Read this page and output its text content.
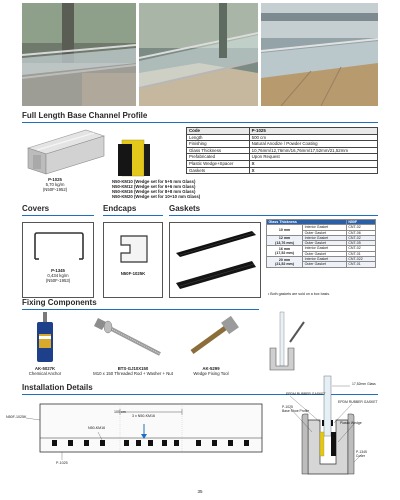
Full Length Base Channel Profile
P-1025
5,70 kg/m
(N50F-1952)
N50-KM10 (Wedge set for 5+5 mm Glass)
N50-KM12 (Wedge set for 6+6 mm Glass)
N50-KM16 (Wedge set for 8+8 mm Glass)
N50-KM20 (Wedge set for 10+10 mm Glass)
Code	P-1025
Length	500 cm
Finishing	Natural Anodize / Powder Coating
Glass Thickness	10,76mm/12,76mm/16,76mm/17,52mm/21,52mm
Prefabricated	Upon Request
Plastic Wedge+Spacer	X
Gaskets	X
Covers	Endcaps	Gaskets
P-1345
0,434 kg/m
(N50F-1953)
N50F-1025K
Glass Thickness		N50F
10 mm	Interior Gasket	CNT-02
	Outer Gasket	CNT-06
12 mm
(13,76 mm)	Interior Gasket	CNT-02
	Outer Gasket	CNT-05
16 mm
(17,52 mm)	Interior Gasket	CNT-02
	Outer Gasket	CNT-01
20 mm
(21,52 mm)	Interior Gasket	CNT-022
	Outer Gasket	CNT-01
• Both gaskets are sold on a box basis.
Fixing Components
AK-5027K
Chemical Anchor
BTS-GJ10X150
M10 x 150 Threaded Rod + Washer + Nut
AK-5299
Wedge Fixing Tool
Installation Details
100 cm
N50-KM16
3 x N50-KM16
N50F-1025K
P-1025
17,52mm Glass
EPDM RUBBER GASKET
EPDM RUBBER GASKET
P-1025
Base Shoe Profile
Plastic Wedge
P-1345
Cover
35
